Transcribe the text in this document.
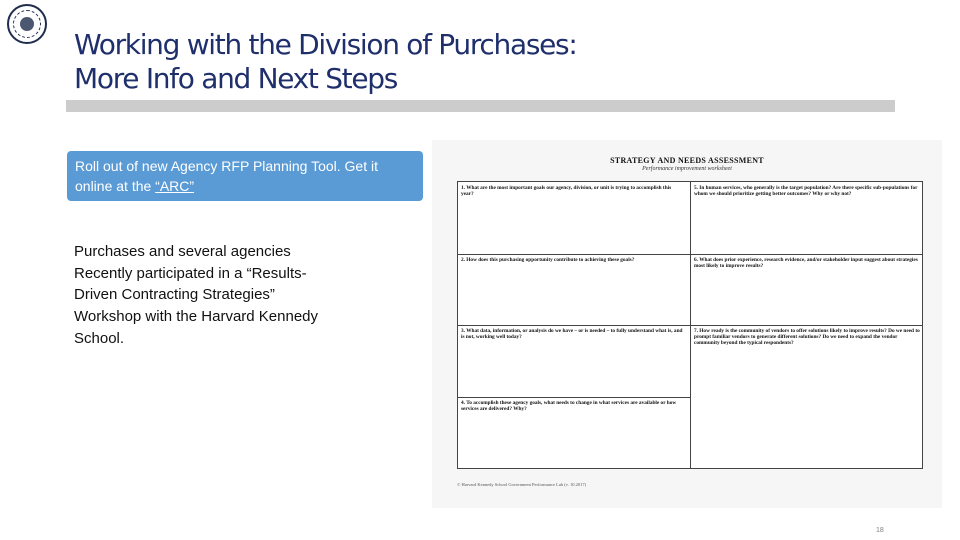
Working with the Division of Purchases:
More Info and Next Steps
Roll out of new Agency RFP Planning Tool. Get it online at the “ARC”

Purchases and several agencies

Recently participated in a “Results-

Driven Contracting Strategies”

Workshop with the Harvard Kennedy

School.

STRATEGY AND NEEDS ASSESSMENT
Performance improvement worksheet
1. What are the most important goals our agency, division, or unit is trying to accomplish this year?
2. How does this purchasing opportunity contribute to achieving these goals?
3. What data, information, or analysis do we have – or is needed – to fully understand what is, and is not, working well today?
4. To accomplish these agency goals, what needs to change in what services are available or how services are delivered? Why?
5. In human services, who generally is the target population? Are there specific sub-populations for whom we should prioritize getting better outcomes? Why or why not?
6. What does prior experience, research evidence, and/or stakeholder input suggest about strategies most likely to improve results?
7. How ready is the community of vendors to offer solutions likely to improve results? Do we need to prompt familiar vendors to generate different solutions? Do we need to expand the vendor community beyond the typical respondents?
© Harvard Kennedy School Government Performance Lab (v. 10.2017)
18
